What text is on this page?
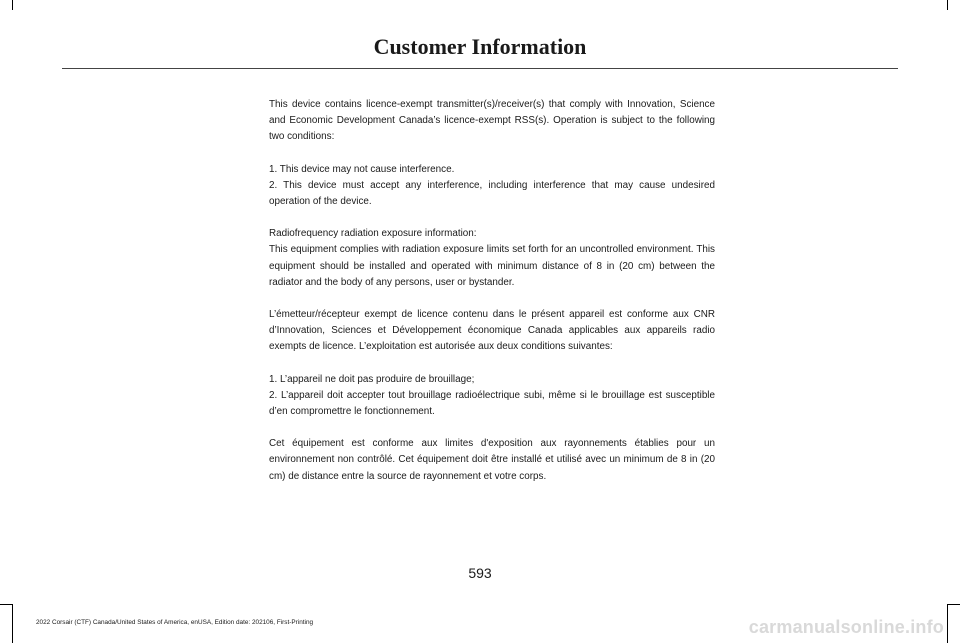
Customer Information

This device contains licence-exempt transmitter(s)/receiver(s) that comply with Innovation, Science and Economic Development Canada’s licence-exempt RSS(s). Operation is subject to the following two conditions:

1. This device may not cause interference.
2. This device must accept any interference, including interference that may cause undesired operation of the device.

Radiofrequency radiation exposure information:
This equipment complies with radiation exposure limits set forth for an uncontrolled environment. This equipment should be installed and operated with minimum distance of 8 in (20 cm) between the radiator and the body of any persons, user or bystander.

L’émetteur/récepteur exempt de licence contenu dans le présent appareil est conforme aux CNR d’Innovation, Sciences et Développement économique Canada applicables aux appareils radio exempts de licence. L’exploitation est autorisée aux deux conditions suivantes:

1. L’appareil ne doit pas produire de brouillage;
2. L’appareil doit accepter tout brouillage radioélectrique subi, même si le brouillage est susceptible d’en compromettre le fonctionnement.

Cet équipement est conforme aux limites d'exposition aux rayonnements établies pour un environnement non contrôlé. Cet équipement doit être installé et utilisé avec un minimum de 8 in (20 cm) de distance entre la source de rayonnement et votre corps.

593
2022 Corsair (CTF) Canada/United States of America, enUSA, Edition date: 202106, First-Printing	carmanualsonline.info
